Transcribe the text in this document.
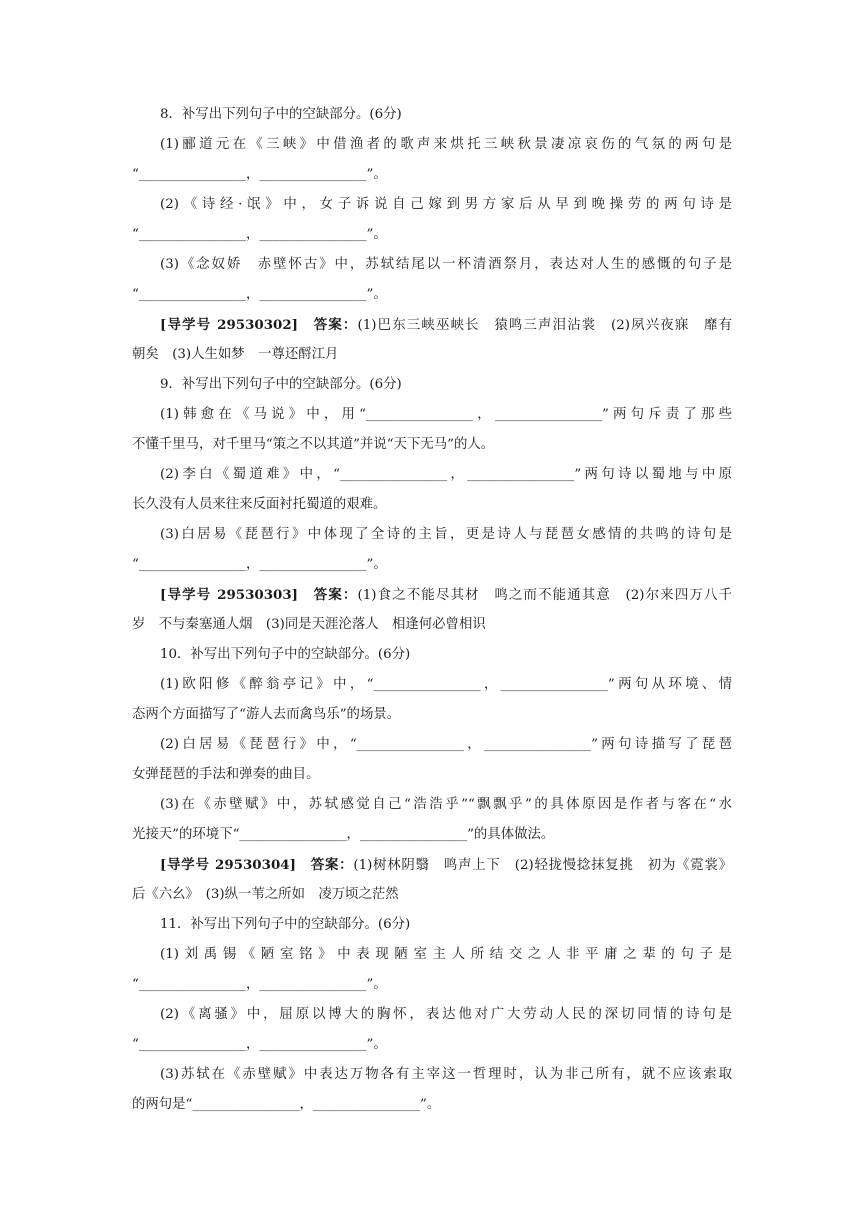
8．补写出下列句子中的空缺部分。(6分)
(1)郦道元在《三峡》中借渔者的歌声来烘托三峡秋景凄凉哀伤的气氛的两句是
“________________，________________”。
(2)《诗经·氓》中，女子诉说自己嫁到男方家后从早到晚操劳的两句诗是
“________________，________________”。
(3)《念奴娇　赤壁怀古》中，苏轼结尾以一杯清酒祭月，表达对人生的感慨的句子是
“________________，________________”。
[导学号 29530302]　答案：(1)巴东三峡巫峡长　猿鸣三声泪沾裳　(2)夙兴夜寐　靡有
朝矣　(3)人生如梦　一尊还酹江月
9．补写出下列句子中的空缺部分。(6分)
(1)韩愈在《马说》中，用“________________，________________”两句斥责了那些
不懂千里马，对千里马“策之不以其道”并说“天下无马”的人。
(2)李白《蜀道难》中，“________________，________________”两句诗以蜀地与中原
长久没有人员来往来反面衬托蜀道的艰难。
(3)白居易《琵琶行》中体现了全诗的主旨，更是诗人与琵琶女感情的共鸣的诗句是
“________________，________________”。
[导学号 29530303]　答案：(1)食之不能尽其材　鸣之而不能通其意　(2)尔来四万八千
岁　不与秦塞通人烟　(3)同是天涯沦落人　相逢何必曾相识
10．补写出下列句子中的空缺部分。(6分)
(1)欧阳修《醉翁亭记》中，“________________，________________”两句从环境、情
态两个方面描写了“游人去而禽鸟乐”的场景。
(2)白居易《琵琶行》中，“________________，________________”两句诗描写了琵琶
女弹琵琶的手法和弹奏的曲目。
(3)在《赤壁赋》中，苏轼感觉自己“浩浩乎”“飘飘乎”的具体原因是作者与客在“水
光接天”的环境下“________________，________________”的具体做法。
[导学号 29530304]　答案：(1)树林阴翳　鸣声上下　(2)轻拢慢捻抹复挑　初为《霓裳》
后《六幺》　(3)纵一苇之所如　凌万顷之茫然
11．补写出下列句子中的空缺部分。(6分)
(1)刘禹锡《陋室铭》中表现陋室主人所结交之人非平庸之辈的句子是
“________________，________________”。
(2)《离骚》中，屈原以博大的胸怀，表达他对广大劳动人民的深切同情的诗句是
“________________，________________”。
(3)苏轼在《赤壁赋》中表达万物各有主宰这一哲理时，认为非己所有，就不应该索取
的两句是“________________，________________”。
